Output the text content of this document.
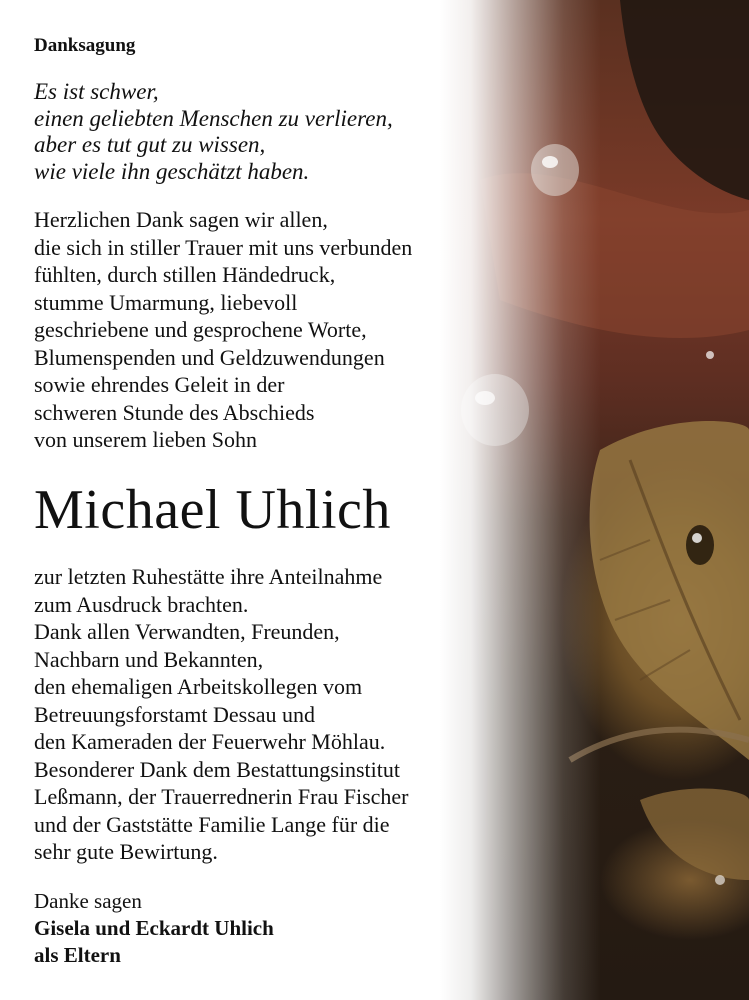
Danksagung
Es ist schwer,
einen geliebten Menschen zu verlieren,
aber es tut gut zu wissen,
wie viele ihn geschätzt haben.
Herzlichen Dank sagen wir allen,
die sich in stiller Trauer mit uns verbunden
fühlten, durch stillen Händedruck,
stumme Umarmung, liebevoll
geschriebene und gesprochene Worte,
Blumenspenden und Geldzuwendungen
sowie ehrendes Geleit in der
schweren Stunde des Abschieds
von unserem lieben Sohn
Michael Uhlich
zur letzten Ruhestätte ihre Anteilnahme
zum Ausdruck brachten.
Dank allen Verwandten, Freunden,
Nachbarn und Bekannten,
den ehemaligen Arbeitskollegen vom
Betreuungsforstamt Dessau und
den Kameraden der Feuerwehr Möhlau.
Besonderer Dank dem Bestattungsinstitut
Leßmann, der Trauerrednerin Frau Fischer
und der Gaststätte Familie Lange für die
sehr gute Bewirtung.
Danke sagen
Gisela und Eckardt Uhlich
als Eltern
